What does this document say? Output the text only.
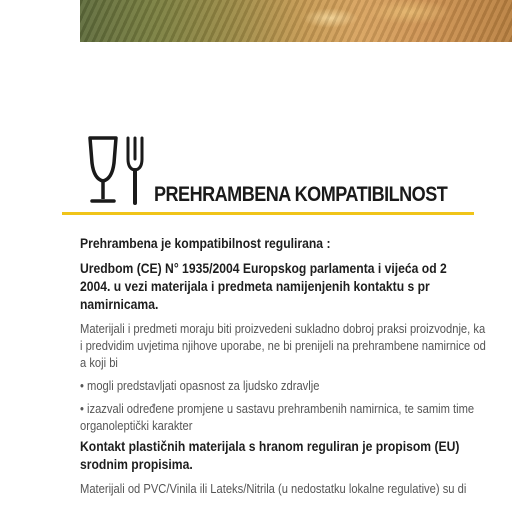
PREHRAMBENA KOMPATIBILNOST

Prehrambena je kompatibilnost regulirana :

Uredbom (CE) N° 1935/2004 Europskog parlamenta i vijeća od 2
2004. u vezi materijala i predmeta namijenjenih kontaktu s pr
namirnicama.

Materijali i predmeti moraju biti proizvedeni sukladno dobroj praksi proizvodnje, ka
i predvidim uvjetima njihove uporabe, ne bi prenijeli na prehrambene namirnice od
a koji bi

• mogli predstavljati opasnost za ljudsko zdravlje

• izazvali određene promjene u sastavu prehrambenih namirnica, te samim time
organoleptički karakter

Kontakt plastičnih materijala s hranom reguliran je propisom (EU)
srodnim propisima.

Materijali od PVC/Vinila ili Lateks/Nitrila (u nedostatku lokalne regulative) su di
